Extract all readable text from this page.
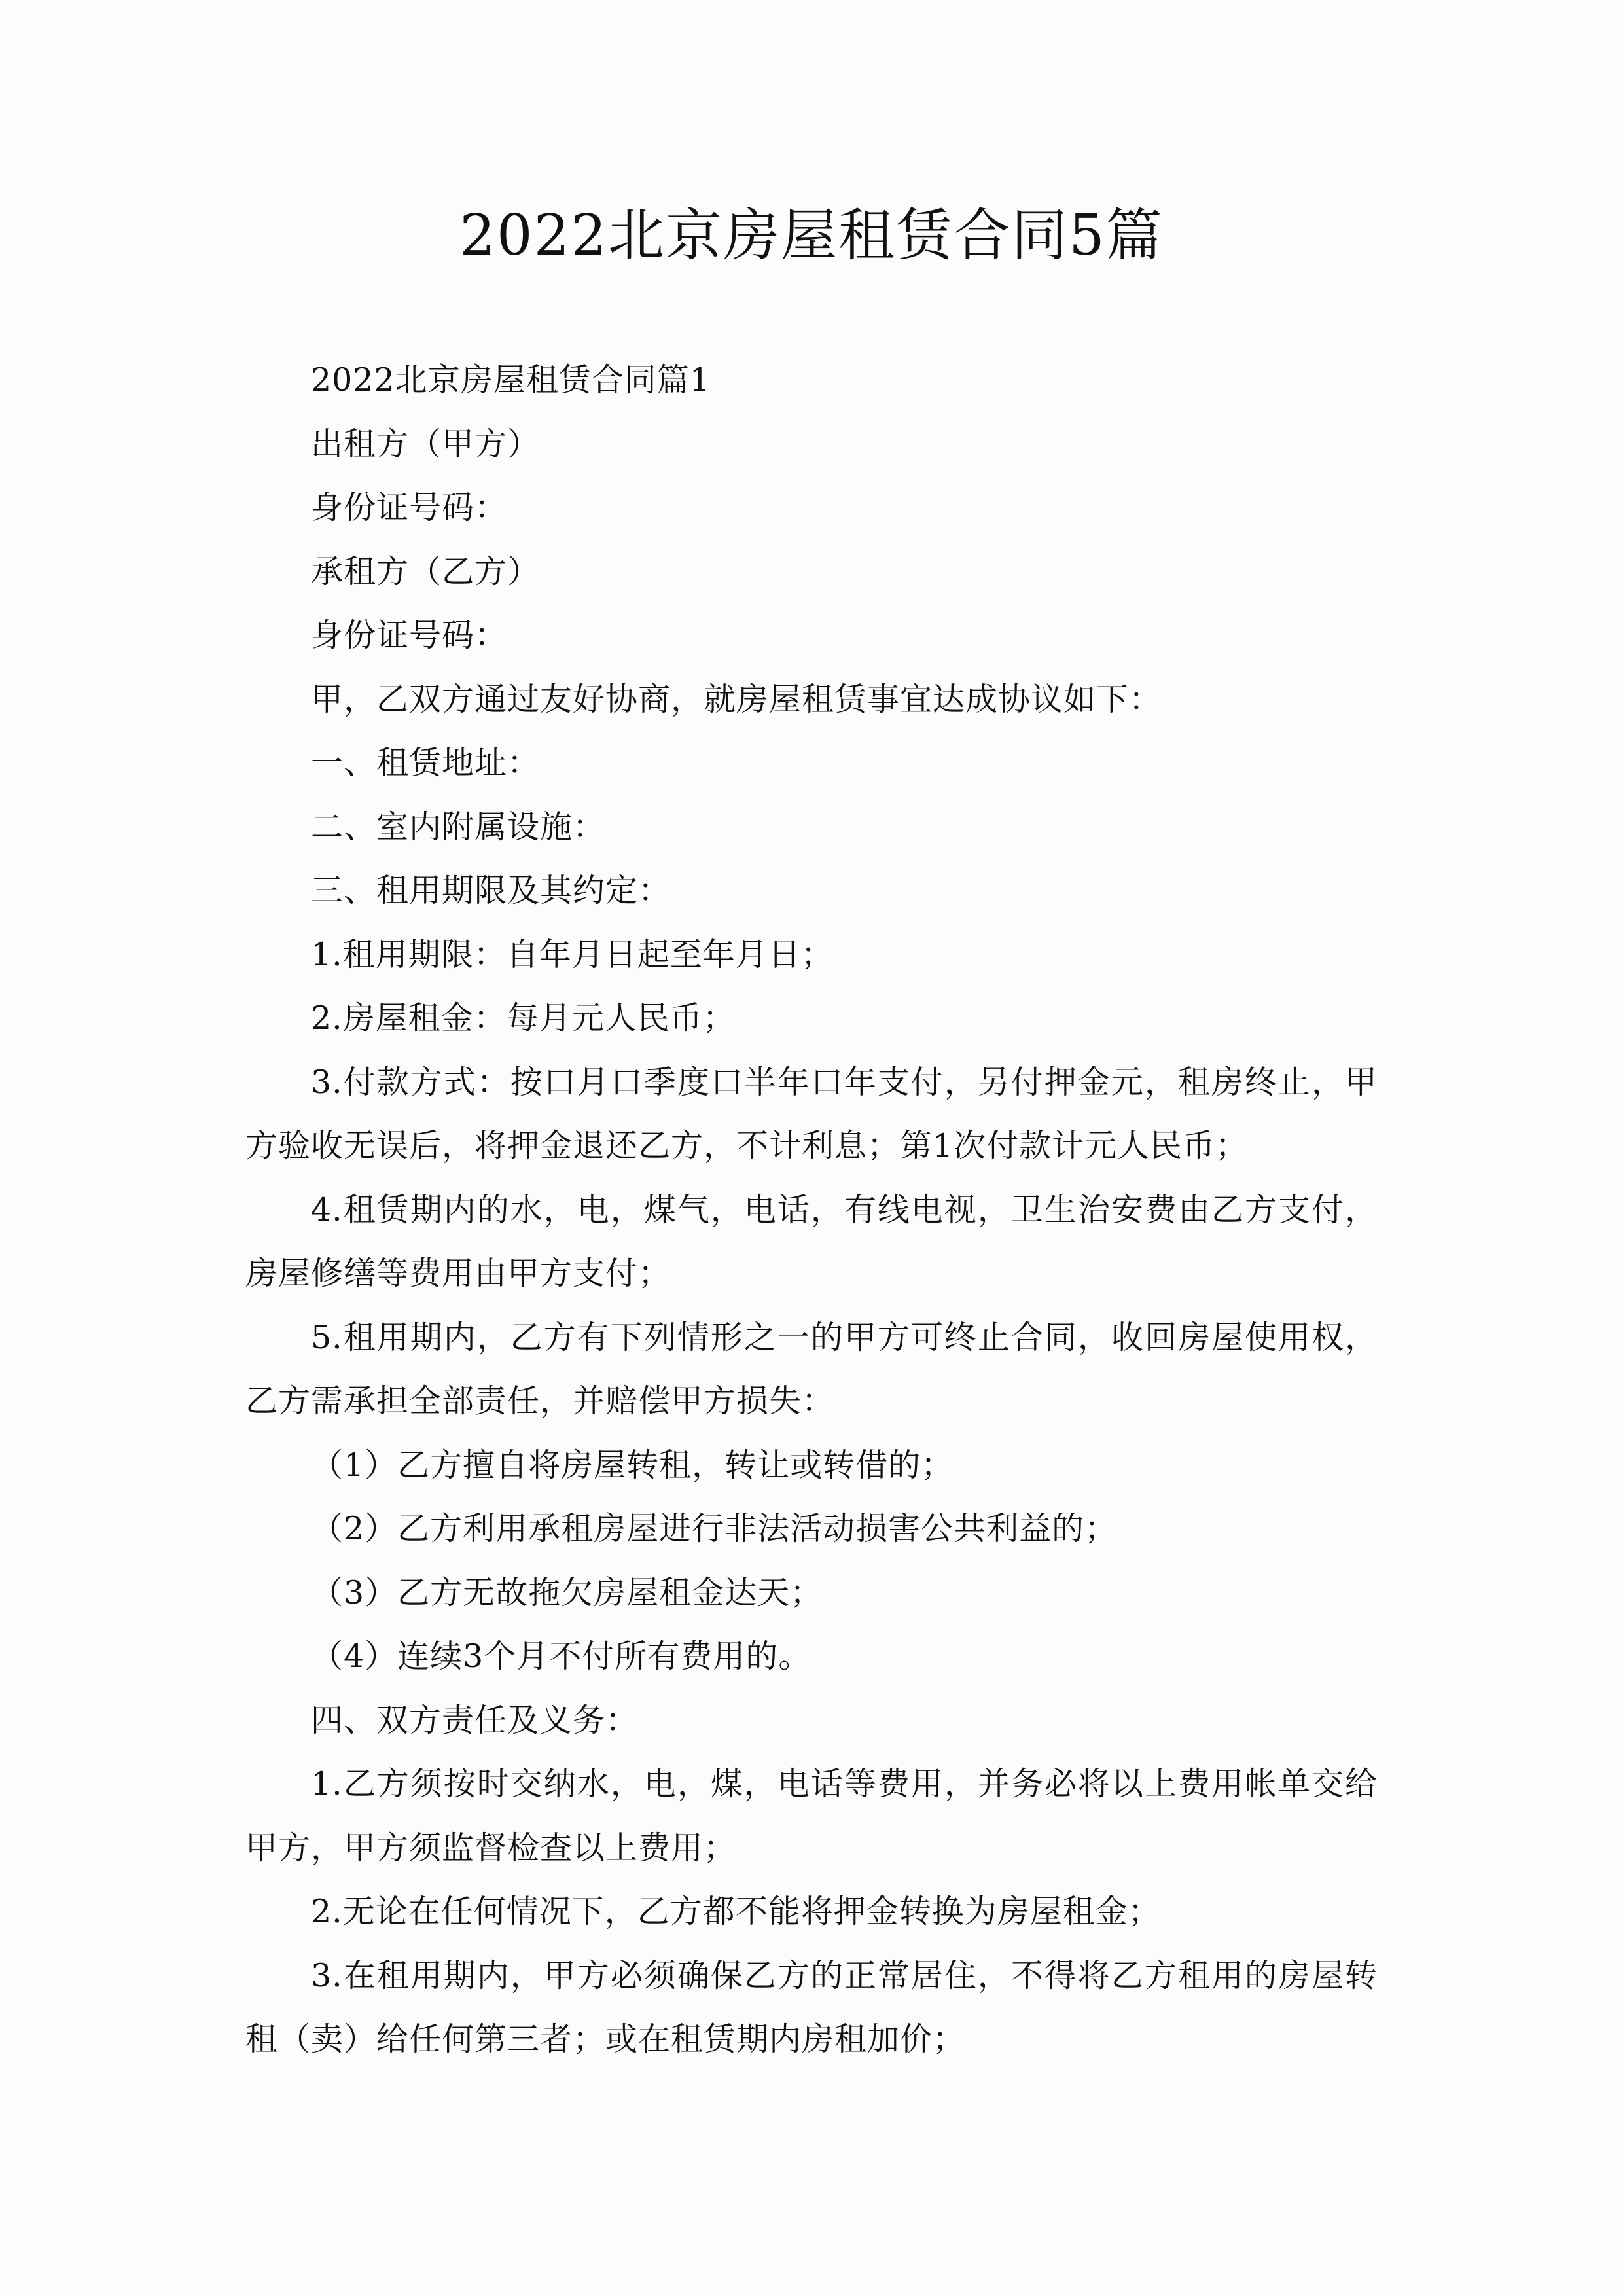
2022北京房屋租赁合同5篇

2022北京房屋租赁合同篇1

出租方（甲方）

身份证号码：

承租方（乙方）

身份证号码：

甲，乙双方通过友好协商，就房屋租赁事宜达成协议如下：

一、租赁地址：

二、室内附属设施：

三、租用期限及其约定：

1.租用期限：自年月日起至年月日；

2.房屋租金：每月元人民币；

3.付款方式：按口月口季度口半年口年支付，另付押金元，租房终止，甲方验收无误后，将押金退还乙方，不计利息；第1次付款计元人民币；

4.租赁期内的水，电，煤气，电话，有线电视，卫生治安费由乙方支付，房屋修缮等费用由甲方支付；

5.租用期内，乙方有下列情形之一的甲方可终止合同，收回房屋使用权，乙方需承担全部责任，并赔偿甲方损失：

（1）乙方擅自将房屋转租，转让或转借的；

（2）乙方利用承租房屋进行非法活动损害公共利益的；

（3）乙方无故拖欠房屋租金达天；

（4）连续3个月不付所有费用的。

四、双方责任及义务：

1.乙方须按时交纳水，电，煤，电话等费用，并务必将以上费用帐单交给甲方，甲方须监督检查以上费用；

2.无论在任何情况下，乙方都不能将押金转换为房屋租金；

3.在租用期内，甲方必须确保乙方的正常居住，不得将乙方租用的房屋转租（卖）给任何第三者；或在租赁期内房租加价；
